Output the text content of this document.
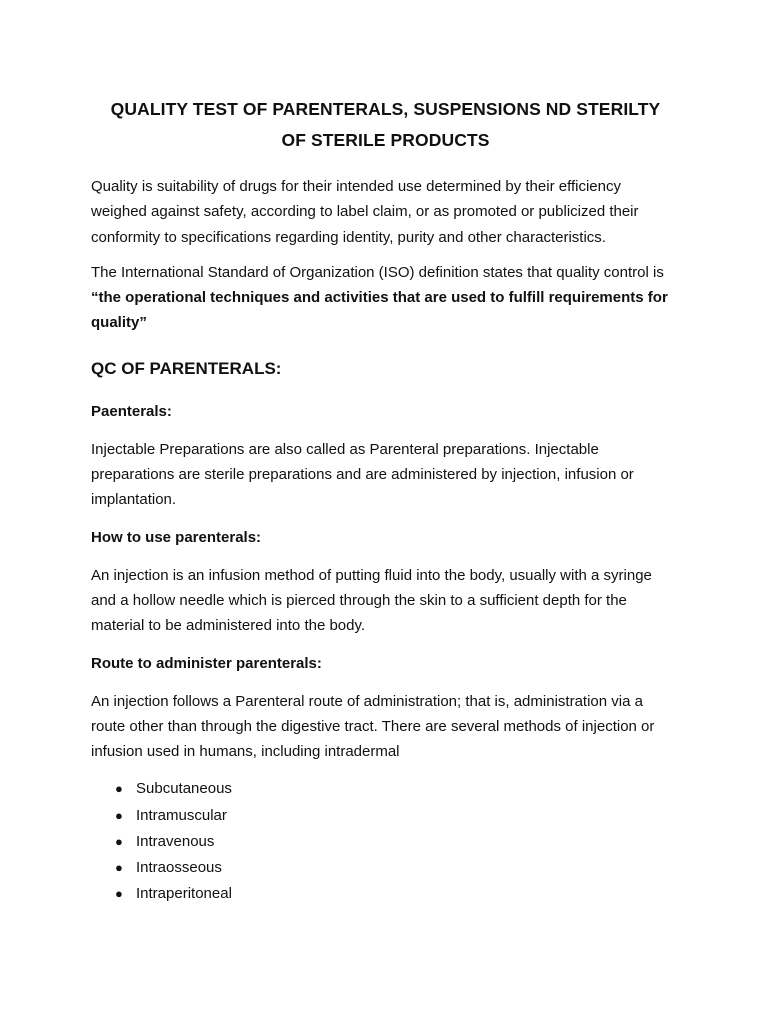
QUALITY TEST OF PARENTERALS, SUSPENSIONS ND STERILTY
OF STERILE PRODUCTS

Quality is suitability of drugs for their intended use determined by their efficiency weighed against safety, according to label claim, or as promoted or publicized their conformity to specifications regarding identity, purity and other characteristics.

The International Standard of Organization (ISO) definition states that quality control is “the operational techniques and activities that are used to fulfill requirements for quality”

QC OF PARENTERALS:
Paenterals:

Injectable Preparations are also called as Parenteral preparations. Injectable preparations are sterile preparations and are administered by injection, infusion or implantation.

How to use parenterals:

An injection is an infusion method of putting fluid into the body, usually with a syringe and a hollow needle which is pierced through the skin to a sufficient depth for the material to be administered into the body.

Route to administer parenterals:

An injection follows a Parenteral route of administration; that is, administration via a route other than through the digestive tract. There are several methods of injection or infusion used in humans, including intradermal

● Subcutaneous
● Intramuscular
● Intravenous
● Intraosseous
● Intraperitoneal
